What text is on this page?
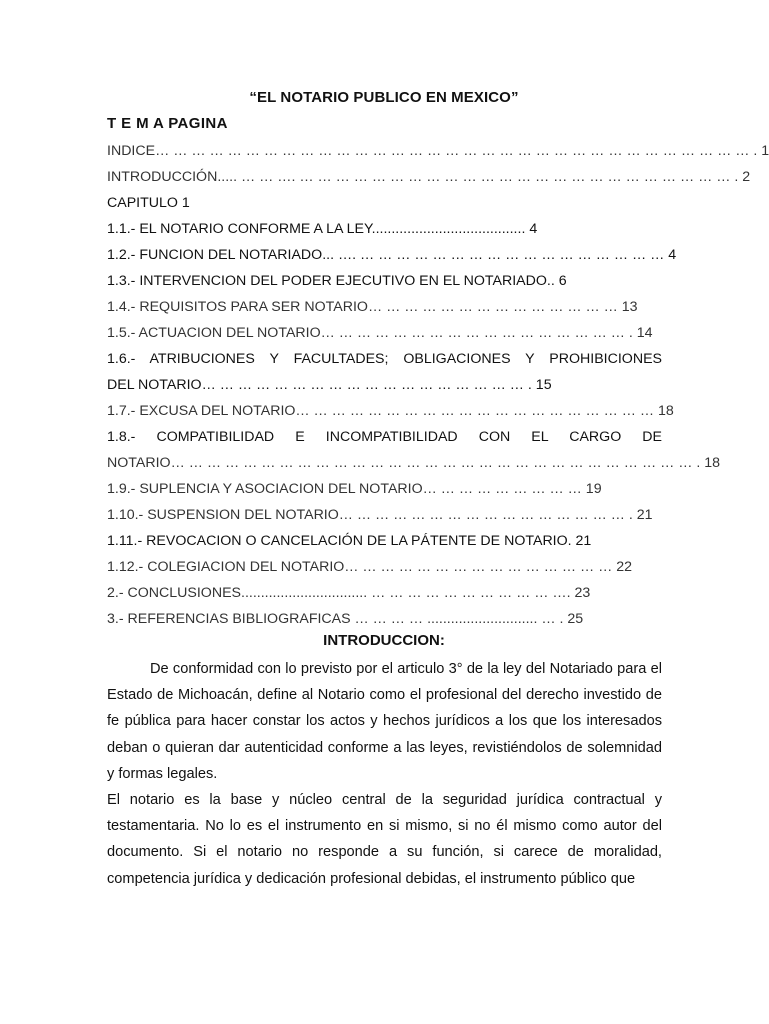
“EL NOTARIO PUBLICO EN MEXICO”
T E M A PAGINA
INDICE… … … … … … … … … … … … … … … … … … … … … … … … … … … … … … … … … . 1
INTRODUCCIÓN..... … … …. … … … … … … … … … … … … … … … … … … … … … … … … . 2
CAPITULO 1
1.1.- EL NOTARIO CONFORME A LA LEY....................................... 4
1.2.- FUNCION DEL NOTARIADO... …. … … … … … … … … … … … … … … … … … 4
1.3.- INTERVENCION DEL PODER EJECUTIVO EN EL NOTARIADO.. 6
1.4.- REQUISITOS PARA SER NOTARIO… … … … … … … … … … … … … … 13
1.5.- ACTUACION DEL NOTARIO… … … … … … … … … … … … … … … … … . 14
1.6.- ATRIBUCIONES Y FACULTADES; OBLIGACIONES Y PROHIBICIONES
DEL NOTARIO… … … … … … … … … … … … … … … … … … . 15
1.7.- EXCUSA DEL NOTARIO… … … … … … … … … … … … … … … … … … … … 18
1.8.- COMPATIBILIDAD E INCOMPATIBILIDAD CON EL CARGO DE
NOTARIO… … … … … … … … … … … … … … … … … … … … … … … … … … … … … . 18
1.9.- SUPLENCIA Y ASOCIACION DEL NOTARIO… … … … … … … … … 19
1.10.- SUSPENSION DEL NOTARIO… … … … … … … … … … … … … … … … . 21
1.11.- REVOCACION O CANCELACIÓN DE LA PÁTENTE DE NOTARIO. 21
1.12.- COLEGIACION DEL NOTARIO… … … … … … … … … … … … … … … 22
2.- CONCLUSIONES................................ … … … … … … … … … … …. 23
3.- REFERENCIAS BIBLIOGRAFICAS … … … … ............................ … . 25
INTRODUCCION:

De conformidad con lo previsto por el articulo 3° de la ley del Notariado para el Estado de Michoacán, define al Notario como el profesional del derecho investido de fe pública para hacer constar los actos y hechos jurídicos a los que los interesados deban o quieran dar autenticidad conforme a las leyes, revistiéndolos de solemnidad y formas legales.

El notario es la base y núcleo central de la seguridad jurídica contractual y testamentaria. No lo es el instrumento en si mismo, si no él mismo como autor del documento. Si el notario no responde a su función, si carece de moralidad, competencia jurídica y dedicación profesional debidas, el instrumento público que
